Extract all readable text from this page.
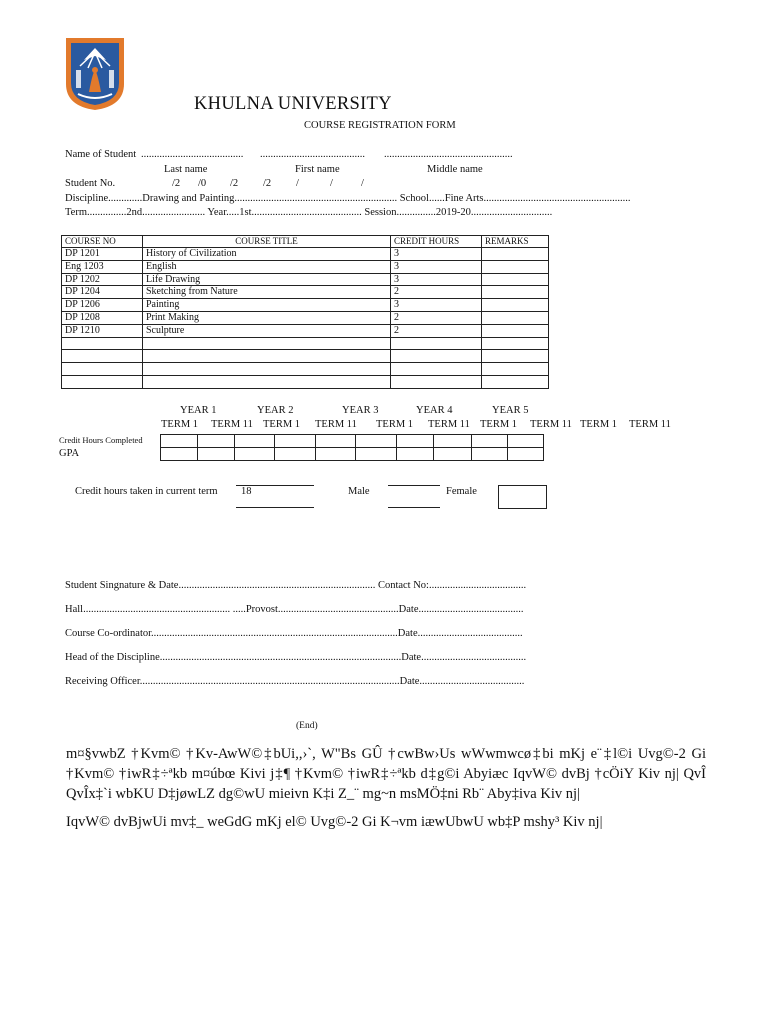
KHULNA UNIVERSITY
COURSE REGISTRATION FORM
Name of Student ....................................... ........................................ .................................................
Last name	First name	Middle name
Student No.	/2 /0 /2 /2 /	/	/
Discipline.............Drawing and Painting.............................................................. School......Fine Arts........................................................
Term...............2nd........................ Year.....1st.......................................... Session...............2019-20...............................
COURSE NO	COURSE TITLE	CREDIT HOURS	REMARKS
DP 1201	History of Civilization	3	
Eng 1203	English	3	
DP 1202	Life Drawing	3	
DP 1204	Sketching from Nature	2	
DP 1206	Painting	3	
DP 1208	Print Making	2	
DP 1210	Sculpture	2	

YEAR 1	YEAR 2	YEAR 3	YEAR 4	YEAR 5
TERM 1 TERM 11 TERM 1 TERM 11 TERM 1 TERM 11 TERM 1 TERM 11 TERM 1 TERM 11
Credit Hours Completed
GPA

Credit hours taken in current term 18	Male	Female
Student Singnature & Date........................................................................... Contact No:.....................................
Hall........................................................ .....Provost..............................................Date........................................
Course Co-ordinator..............................................................................................Date........................................
Head of the Discipline............................................................................................Date........................................
Receiving Officer...................................................................................................Date........................................
(End)
m¤§vwbZ †Kvm© †Kv-AwW©‡bUi,,›`, W"Bs GÛ †cwBw›Us wWwmwcø‡bi mKj e¨‡l©i Uvg©-2 Gi †Kvm© †iwR‡÷ªkb m¤úbœ Kivi j‡¶ †Kvm© †iwR‡÷ªkb d‡g©i Abyiæc IqvW© dvBj †cÖiY Kiv nj| QvÎ QvÎx‡`i wbKU D‡jøwLZ dg©wU mieivn K‡i Z_¨ mg~n msMÖ‡ni Rb¨ Aby‡iva Kiv nj|
IqvW© dvBjwUi mv‡_ weGdG mKj el© Uvg©-2 Gi K¬vm iæwUbwU wb‡P mshy³ Kiv nj|
